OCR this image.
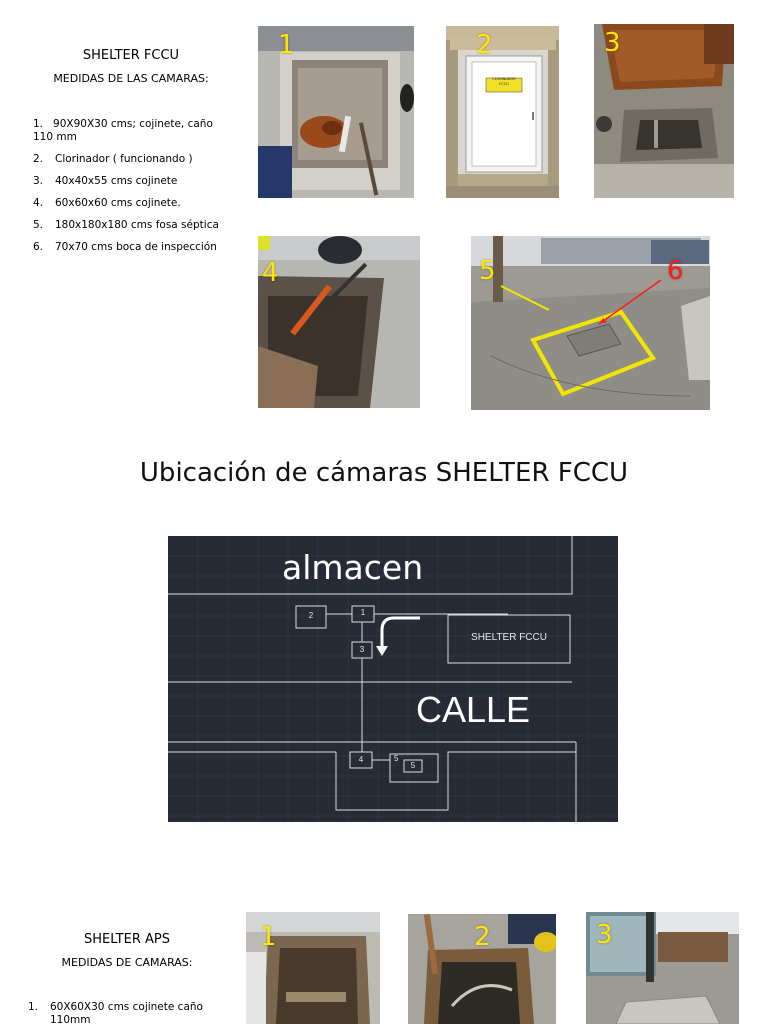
SHELTER FCCU
MEDIDAS DE LAS CAMARAS:
1. 90X90X30 cms; cojinete, caño 110 mm
2.	Clorinador ( funcionando )
3.	40x40x55 cms cojinete
4.	60x60x60 cms cojinete.
5.	180x180x180 cms fosa séptica
6.	70x70 cms boca de inspección
1
CLORINADOR
FCCU
2	3
4	5	6
Ubicación de cámaras SHELTER FCCU
almacen
CALLE
SHELTER FCCU
1
2
3
4	5
5
SHELTER APS
MEDIDAS DE CAMARAS:
1.	60X60X30 cms cojinete caño 110mm
1	2	3
